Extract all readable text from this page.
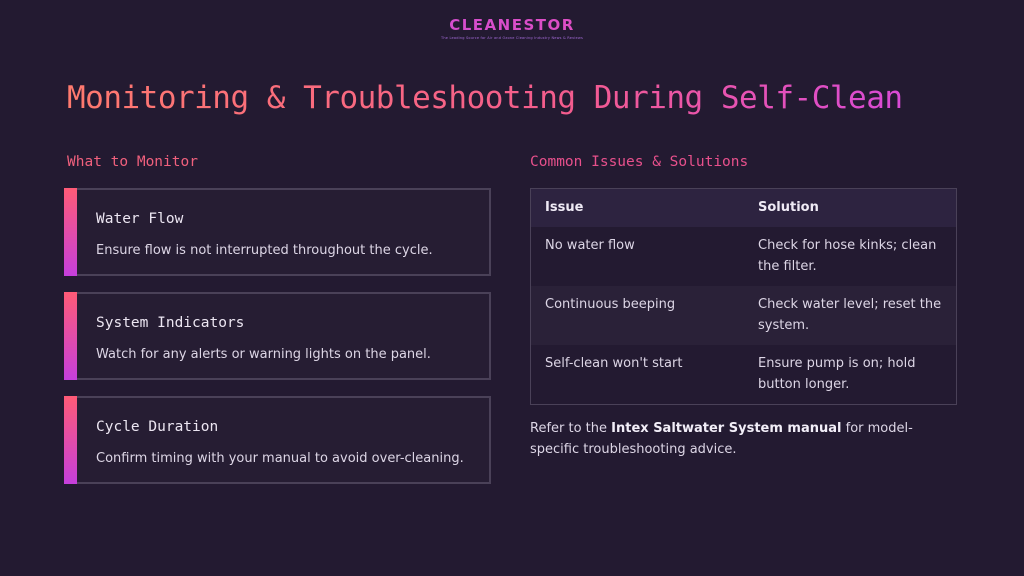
CLEANESTOR
The Leading Source for Air and Ozone Cleaning Industry News & Reviews
Monitoring & Troubleshooting During Self-Clean
What to Monitor
Water Flow

Ensure flow is not interrupted throughout the cycle.

System Indicators

Watch for any alerts or warning lights on the panel.

Cycle Duration

Confirm timing with your manual to avoid over-cleaning.

Common Issues & Solutions
Issue	Solution
No water flow	Check for hose kinks; clean the filter.
Continuous beeping	Check water level; reset the system.
Self-clean won't start	Ensure pump is on; hold button longer.

Refer to the Intex Saltwater System manual for model-specific troubleshooting advice.
